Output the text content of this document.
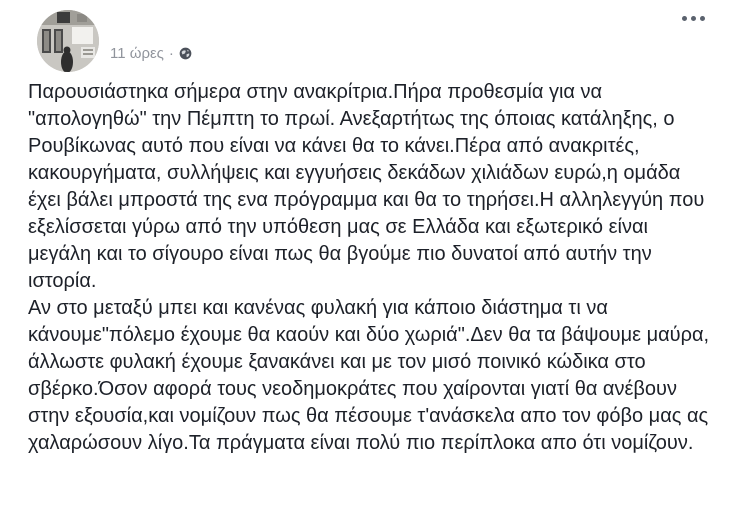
11 ώρες ·

Παρουσιάστηκα σήμερα στην ανακρίτρια.Πήρα προθεσμία για να "απολογηθώ" την Πέμπτη το πρωί. Ανεξαρτήτως της όποιας κατάληξης, ο Ρουβίκωνας αυτό που είναι να κάνει θα το κάνει.Πέρα από ανακριτές, κακουργήματα, συλλήψεις και εγγυήσεις δεκάδων χιλιάδων ευρώ,η ομάδα έχει βάλει μπροστά της ενα πρόγραμμα και θα το τηρήσει.Η αλληλεγγύη που εξελίσσεται γύρω από την υπόθεση μας σε Ελλάδα και εξωτερικό είναι μεγάλη και το σίγουρο είναι πως θα βγούμε πιο δυνατοί από αυτήν την ιστορία.

Αν στο μεταξύ μπει και κανένας φυλακή για κάποιο διάστημα τι να κάνουμε"πόλεμο έχουμε θα καούν και δύο χωριά".Δεν θα τα βάψουμε μαύρα, άλλωστε φυλακή έχουμε ξανακάνει και με τον μισό ποινικό κώδικα στο σβέρκο.Όσον αφορά τους νεοδημοκράτες που χαίρονται γιατί θα ανέβουν στην εξουσία,και νομίζουν πως θα πέσουμε τ'ανάσκελα απο τον φόβο μας ας χαλαρώσουν λίγο.Τα πράγματα είναι πολύ πιο περίπλοκα απο ότι νομίζουν.
